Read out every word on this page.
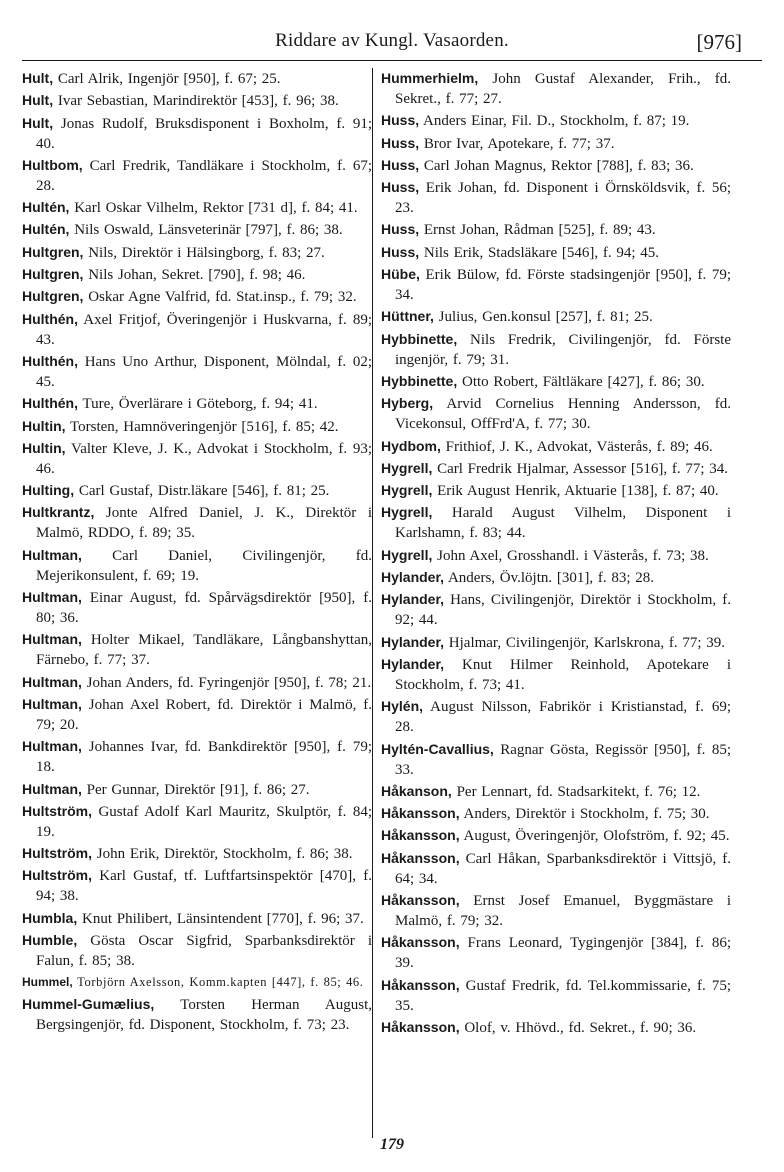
Riddare av Kungl. Vasaorden.	[976]

Hult, Carl Alrik, Ingenjör [950], f. 67; 25.

Hult, Ivar Sebastian, Marindirektör [453], f. 96; 38.

Hult, Jonas Rudolf, Bruksdisponent i Boxholm, f. 91; 40.

Hultbom, Carl Fredrik, Tandläkare i Stockholm, f. 67; 28.

Hultén, Karl Oskar Vilhelm, Rektor [731 d], f. 84; 41.

Hultén, Nils Oswald, Länsveterinär [797], f. 86; 38.

Hultgren, Nils, Direktör i Hälsingborg, f. 83; 27.

Hultgren, Nils Johan, Sekret. [790], f. 98; 46.

Hultgren, Oskar Agne Valfrid, fd. Stat.insp., f. 79; 32.

Hulthén, Axel Fritjof, Överingenjör i Huskvarna, f. 89; 43.

Hulthén, Hans Uno Arthur, Disponent, Mölndal, f. 02; 45.

Hulthén, Ture, Överlärare i Göteborg, f. 94; 41.

Hultin, Torsten, Hamnöveringenjör [516], f. 85; 42.

Hultin, Valter Kleve, J. K., Advokat i Stockholm, f. 93; 46.

Hulting, Carl Gustaf, Distr.läkare [546], f. 81; 25.

Hultkrantz, Jonte Alfred Daniel, J. K., Direktör i Malmö, RDDO, f. 89; 35.

Hultman, Carl Daniel, Civilingenjör, fd. Mejerikonsulent, f. 69; 19.

Hultman, Einar August, fd. Spårvägsdirektör [950], f. 80; 36.

Hultman, Holter Mikael, Tandläkare, Långbanshyttan, Färnebo, f. 77; 37.

Hultman, Johan Anders, fd. Fyringenjör [950], f. 78; 21.

Hultman, Johan Axel Robert, fd. Direktör i Malmö, f. 79; 20.

Hultman, Johannes Ivar, fd. Bankdirektör [950], f. 79; 18.

Hultman, Per Gunnar, Direktör [91], f. 86; 27.

Hultström, Gustaf Adolf Karl Mauritz, Skulptör, f. 84; 19.

Hultström, John Erik, Direktör, Stockholm, f. 86; 38.

Hultström, Karl Gustaf, tf. Luftfartsinspektör [470], f. 94; 38.

Humbla, Knut Philibert, Länsintendent [770], f. 96; 37.

Humble, Gösta Oscar Sigfrid, Sparbanksdirektör i Falun, f. 85; 38.

Hummel, Torbjörn Axelsson, Komm.kapten [447], f. 85; 46.

Hummel-Gumælius, Torsten Herman August, Bergsingenjör, fd. Disponent, Stockholm, f. 73; 23.

Hummerhielm, John Gustaf Alexander, Frih., fd. Sekret., f. 77; 27.

Huss, Anders Einar, Fil. D., Stockholm, f. 87; 19.

Huss, Bror Ivar, Apotekare, f. 77; 37.

Huss, Carl Johan Magnus, Rektor [788], f. 83; 36.

Huss, Erik Johan, fd. Disponent i Örnsköldsvik, f. 56; 23.

Huss, Ernst Johan, Rådman [525], f. 89; 43.

Huss, Nils Erik, Stadsläkare [546], f. 94; 45.

Hübe, Erik Bülow, fd. Förste stadsingenjör [950], f. 79; 34.

Hüttner, Julius, Gen.konsul [257], f. 81; 25.

Hybbinette, Nils Fredrik, Civilingenjör, fd. Förste ingenjör, f. 79; 31.

Hybbinette, Otto Robert, Fältläkare [427], f. 86; 30.

Hyberg, Arvid Cornelius Henning Andersson, fd. Vicekonsul, OffFrd'A, f. 77; 30.

Hydbom, Frithiof, J. K., Advokat, Västerås, f. 89; 46.

Hygrell, Carl Fredrik Hjalmar, Assessor [516], f. 77; 34.

Hygrell, Erik August Henrik, Aktuarie [138], f. 87; 40.

Hygrell, Harald August Vilhelm, Disponent i Karlshamn, f. 83; 44.

Hygrell, John Axel, Grosshandl. i Västerås, f. 73; 38.

Hylander, Anders, Öv.löjtn. [301], f. 83; 28.

Hylander, Hans, Civilingenjör, Direktör i Stockholm, f. 92; 44.

Hylander, Hjalmar, Civilingenjör, Karlskrona, f. 77; 39.

Hylander, Knut Hilmer Reinhold, Apotekare i Stockholm, f. 73; 41.

Hylén, August Nilsson, Fabrikör i Kristianstad, f. 69; 28.

Hyltén-Cavallius, Ragnar Gösta, Regissör [950], f. 85; 33.

Håkanson, Per Lennart, fd. Stadsarkitekt, f. 76; 12.

Håkansson, Anders, Direktör i Stockholm, f. 75; 30.

Håkansson, August, Överingenjör, Olofström, f. 92; 45.

Håkansson, Carl Håkan, Sparbanksdirektör i Vittsjö, f. 64; 34.

Håkansson, Ernst Josef Emanuel, Byggmästare i Malmö, f. 79; 32.

Håkansson, Frans Leonard, Tygingenjör [384], f. 86; 39.

Håkansson, Gustaf Fredrik, fd. Tel.kommissarie, f. 75; 35.

Håkansson, Olof, v. Hhövd., fd. Sekret., f. 90; 36.

179
